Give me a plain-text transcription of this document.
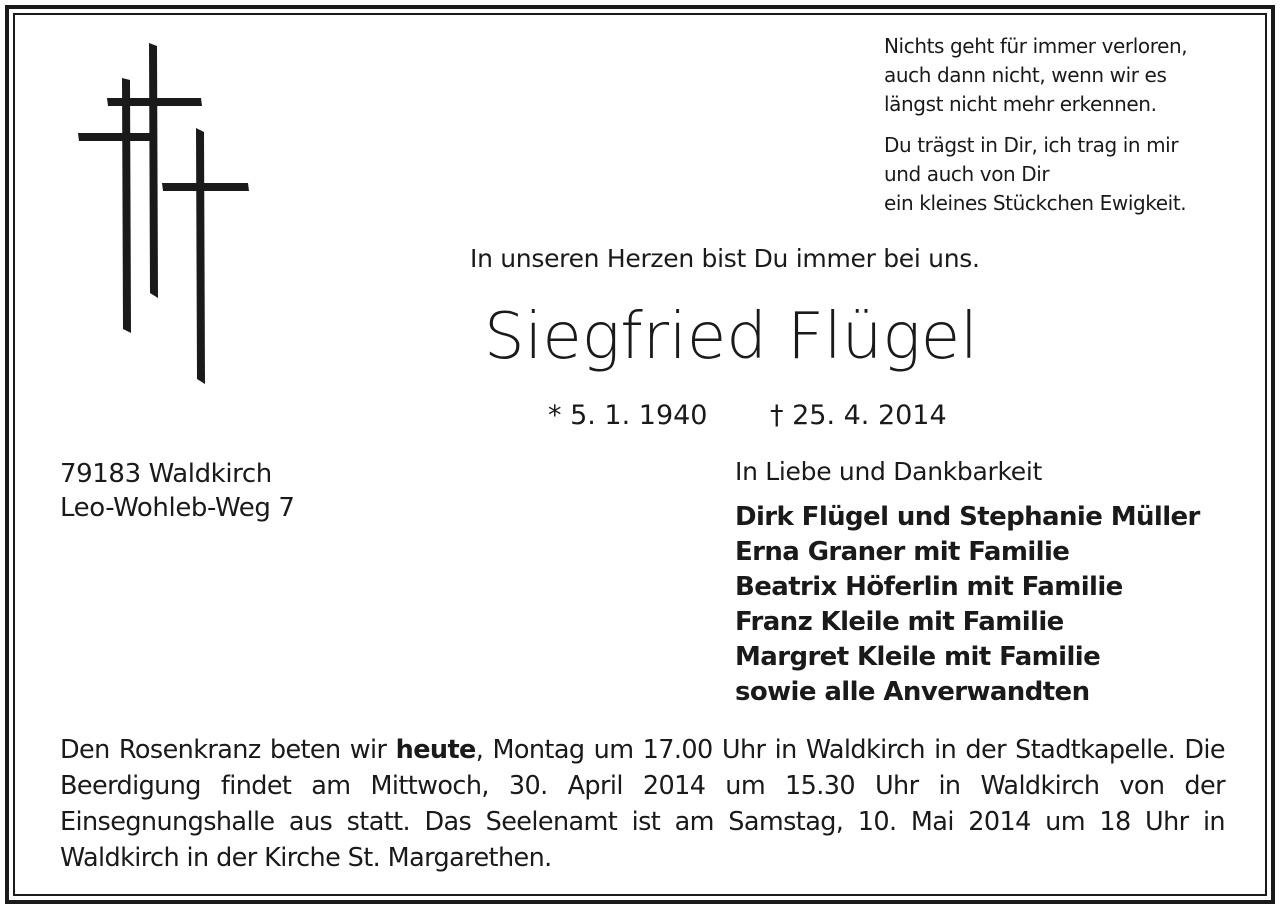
Nichts geht für immer verloren,

auch dann nicht, wenn wir es

längst nicht mehr erkennen.

Du trägst in Dir, ich trag in mir

und auch von Dir

ein kleines Stückchen Ewigkeit.

In unseren Herzen bist Du immer bei uns.
Siegfried Flügel
* 5. 1. 1940 † 25. 4. 2014
79183 Waldkirch
Leo-Wohleb-Weg 7
In Liebe und Dankbarkeit
Dirk Flügel und Stephanie Müller
Erna Graner mit Familie
Beatrix Höferlin mit Familie
Franz Kleile mit Familie
Margret Kleile mit Familie
sowie alle Anverwandten
Den Rosenkranz beten wir heute, Montag um 17.00 Uhr in Waldkirch in der Stadtkapelle. Die Beerdigung findet am Mittwoch, 30. April 2014 um 15.30 Uhr in Waldkirch von der Einsegnungshalle aus statt. Das Seelenamt ist am Samstag, 10. Mai 2014 um 18 Uhr in Waldkirch in der Kirche St. Margarethen.
